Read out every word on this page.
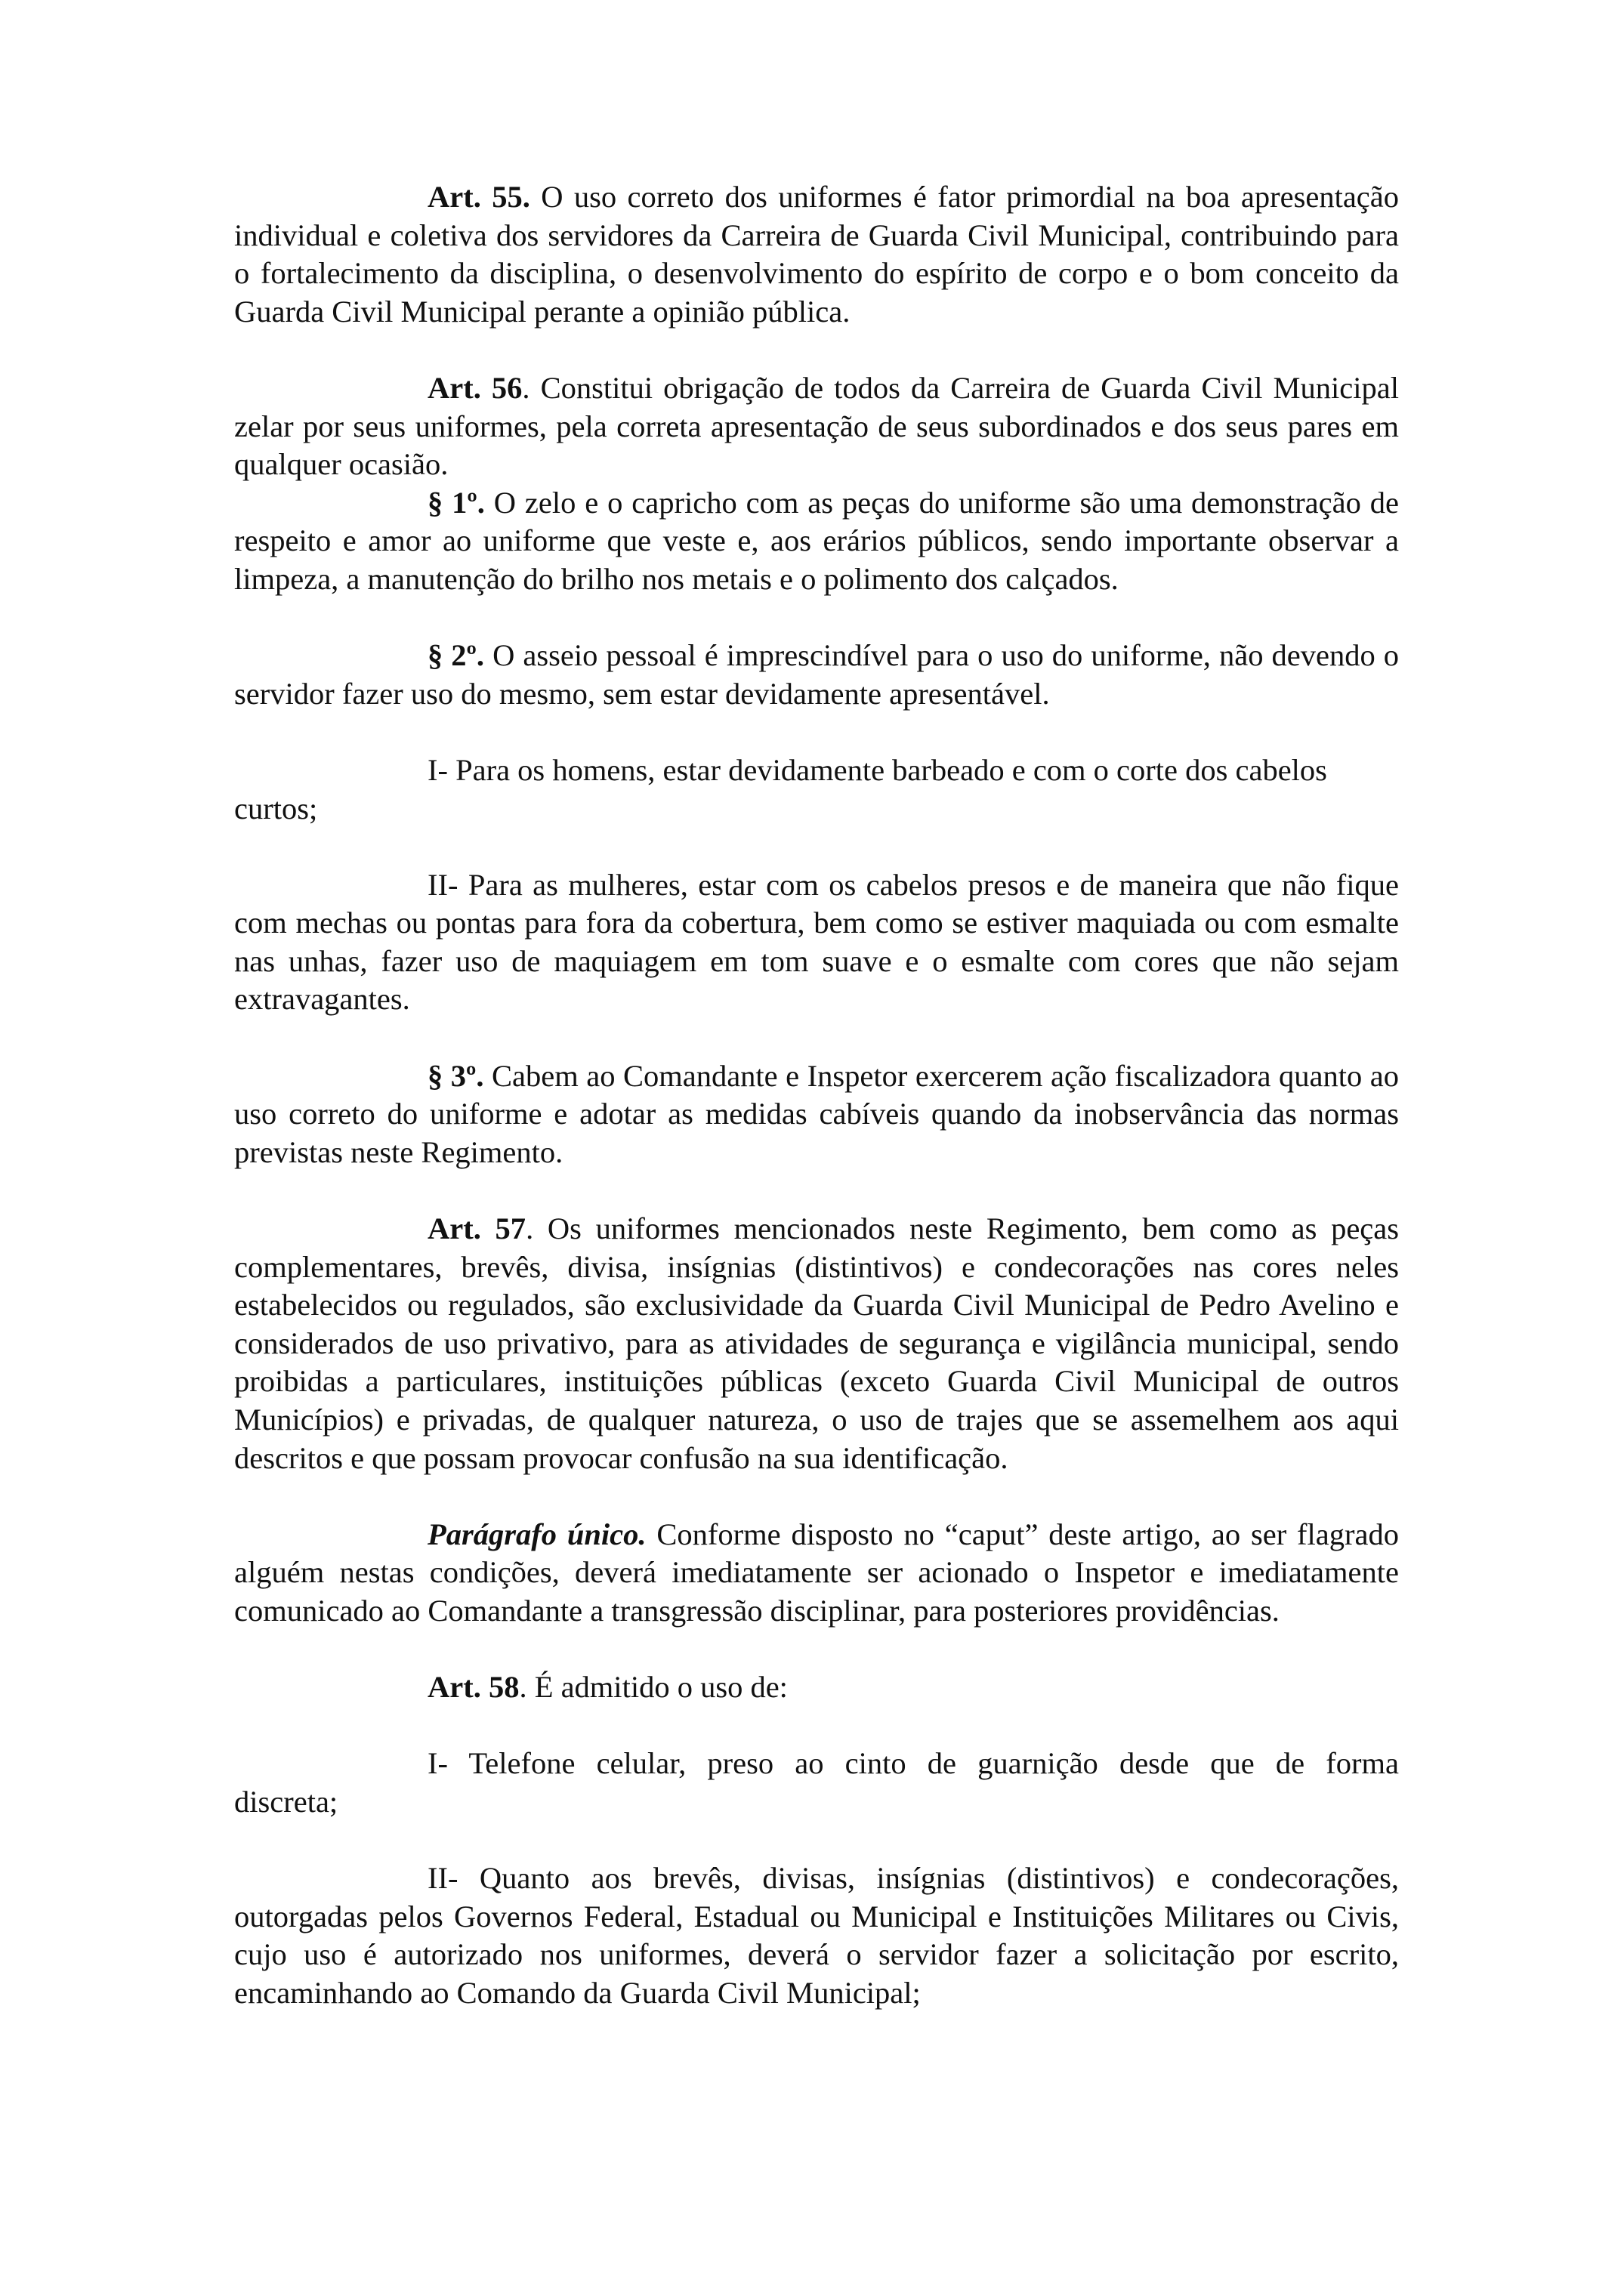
Art. 55. O uso correto dos uniformes é fator primordial na boa apresentação individual e coletiva dos servidores da Carreira de Guarda Civil Municipal, contribuindo para o fortalecimento da disciplina, o desenvolvimento do espírito de corpo e o bom conceito da Guarda Civil Municipal perante a opinião pública.

Art. 56. Constitui obrigação de todos da Carreira de Guarda Civil Municipal zelar por seus uniformes, pela correta apresentação de seus subordinados e dos seus pares em qualquer ocasião.

§ 1º. O zelo e o capricho com as peças do uniforme são uma demonstração de respeito e amor ao uniforme que veste e, aos erários públicos, sendo importante observar a limpeza, a manutenção do brilho nos metais e o polimento dos calçados.

§ 2º. O asseio pessoal é imprescindível para o uso do uniforme, não devendo o servidor fazer uso do mesmo, sem estar devidamente apresentável.

I- Para os homens, estar devidamente barbeado e com o corte dos cabelos

curtos;

II- Para as mulheres, estar com os cabelos presos e de maneira que não fique com mechas ou pontas para fora da cobertura, bem como se estiver maquiada ou com esmalte nas unhas, fazer uso de maquiagem em tom suave e o esmalte com cores que não sejam extravagantes.

§ 3º. Cabem ao Comandante e Inspetor exercerem ação fiscalizadora quanto ao uso correto do uniforme e adotar as medidas cabíveis quando da inobservância das normas previstas neste Regimento.

Art. 57. Os uniformes mencionados neste Regimento, bem como as peças complementares, brevês, divisa, insígnias (distintivos) e condecorações nas cores neles estabelecidos ou regulados, são exclusividade da Guarda Civil Municipal de Pedro Avelino e considerados de uso privativo, para as atividades de segurança e vigilância municipal, sendo proibidas a particulares, instituições públicas (exceto Guarda Civil Municipal de outros Municípios) e privadas, de qualquer natureza, o uso de trajes que se assemelhem aos aqui descritos e que possam provocar confusão na sua identificação.

Parágrafo único. Conforme disposto no “caput” deste artigo, ao ser flagrado alguém nestas condições, deverá imediatamente ser acionado o Inspetor e imediatamente comunicado ao Comandante a transgressão disciplinar, para posteriores providências.

Art. 58. É admitido o uso de:

I- Telefone celular, preso ao cinto de guarnição desde que de forma

discreta;

II- Quanto aos brevês, divisas, insígnias (distintivos) e condecorações, outorgadas pelos Governos Federal, Estadual ou Municipal e Instituições Militares ou Civis, cujo uso é autorizado nos uniformes, deverá o servidor fazer a solicitação por escrito, encaminhando ao Comando da Guarda Civil Municipal;
